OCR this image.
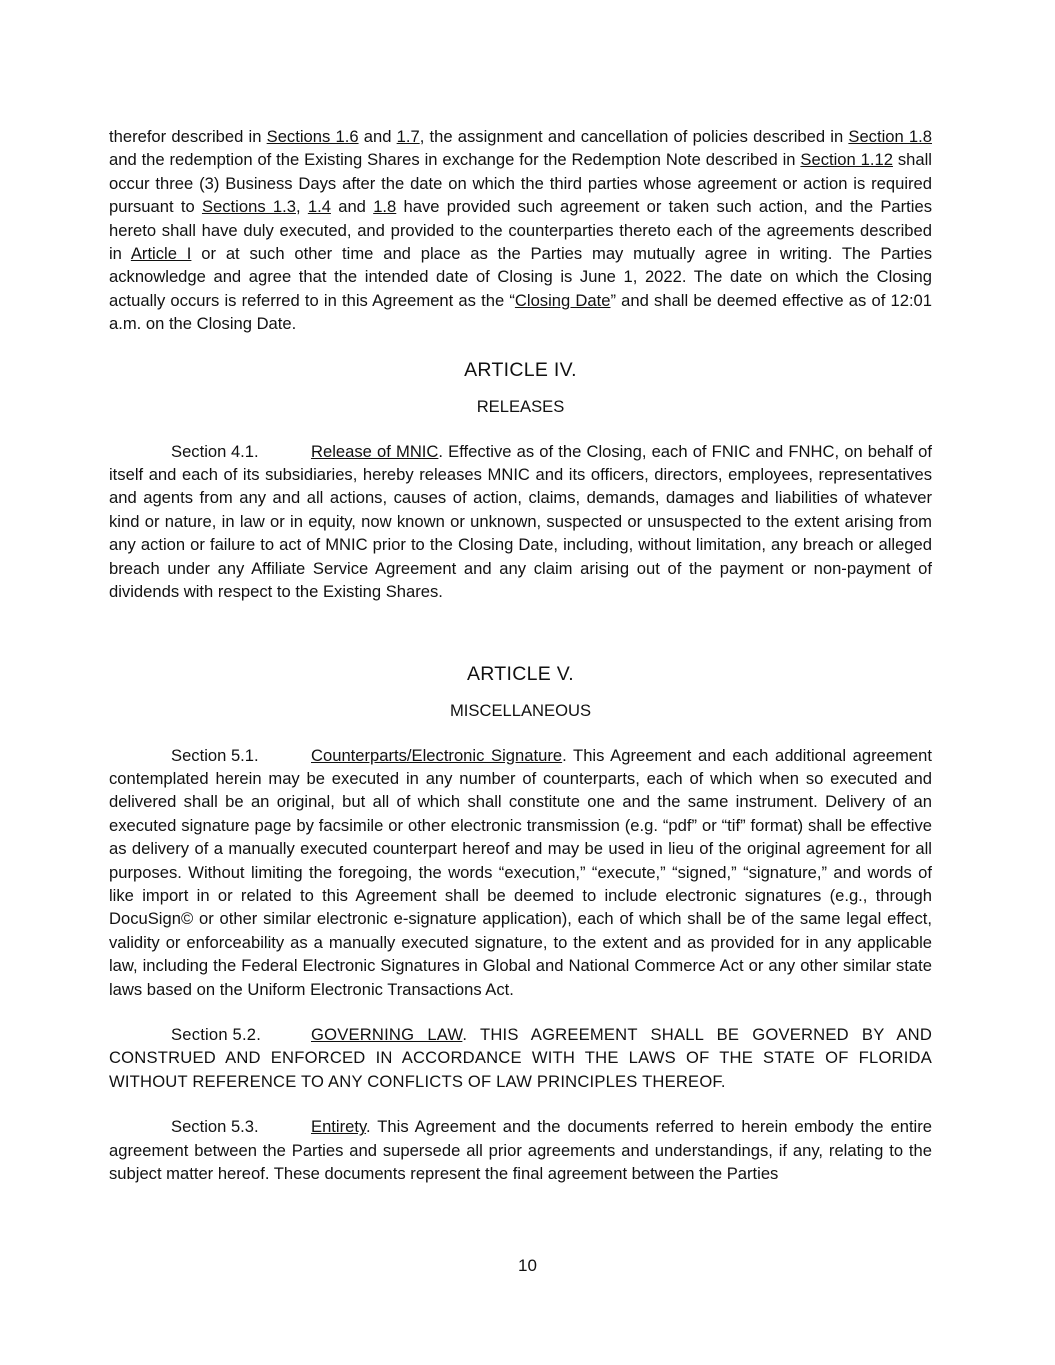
therefor described in Sections 1.6 and 1.7, the assignment and cancellation of policies described in Section 1.8 and the redemption of the Existing Shares in exchange for the Redemption Note described in Section 1.12 shall occur three (3) Business Days after the date on which the third parties whose agreement or action is required pursuant to Sections 1.3, 1.4 and 1.8 have provided such agreement or taken such action, and the Parties hereto shall have duly executed, and provided to the counterparties thereto each of the agreements described in Article I or at such other time and place as the Parties may mutually agree in writing. The Parties acknowledge and agree that the intended date of Closing is June 1, 2022. The date on which the Closing actually occurs is referred to in this Agreement as the “Closing Date” and shall be deemed effective as of 12:01 a.m. on the Closing Date.

ARTICLE IV.

RELEASES

Section 4.1.	Release of MNIC. Effective as of the Closing, each of FNIC and FNHC, on behalf of itself and each of its subsidiaries, hereby releases MNIC and its officers, directors, employees, representatives and agents from any and all actions, causes of action, claims, demands, damages and liabilities of whatever kind or nature, in law or in equity, now known or unknown, suspected or unsuspected to the extent arising from any action or failure to act of MNIC prior to the Closing Date, including, without limitation, any breach or alleged breach under any Affiliate Service Agreement and any claim arising out of the payment or non-payment of dividends with respect to the Existing Shares.

ARTICLE V.

MISCELLANEOUS

Section 5.1.	Counterparts/Electronic Signature. This Agreement and each additional agreement contemplated herein may be executed in any number of counterparts, each of which when so executed and delivered shall be an original, but all of which shall constitute one and the same instrument. Delivery of an executed signature page by facsimile or other electronic transmission (e.g. “pdf” or “tif” format) shall be effective as delivery of a manually executed counterpart hereof and may be used in lieu of the original agreement for all purposes. Without limiting the foregoing, the words “execution,” “execute,” “signed,” “signature,” and words of like import in or related to this Agreement shall be deemed to include electronic signatures (e.g., through DocuSign© or other similar electronic e-signature application), each of which shall be of the same legal effect, validity or enforceability as a manually executed signature, to the extent and as provided for in any applicable law, including the Federal Electronic Signatures in Global and National Commerce Act or any other similar state laws based on the Uniform Electronic Transactions Act.

Section 5.2.	GOVERNING LAW. THIS AGREEMENT SHALL BE GOVERNED BY AND CONSTRUED AND ENFORCED IN ACCORDANCE WITH THE LAWS OF THE STATE OF FLORIDA WITHOUT REFERENCE TO ANY CONFLICTS OF LAW PRINCIPLES THEREOF.

Section 5.3.	Entirety. This Agreement and the documents referred to herein embody the entire agreement between the Parties and supersede all prior agreements and understandings, if any, relating to the subject matter hereof. These documents represent the final agreement between the Parties

10
